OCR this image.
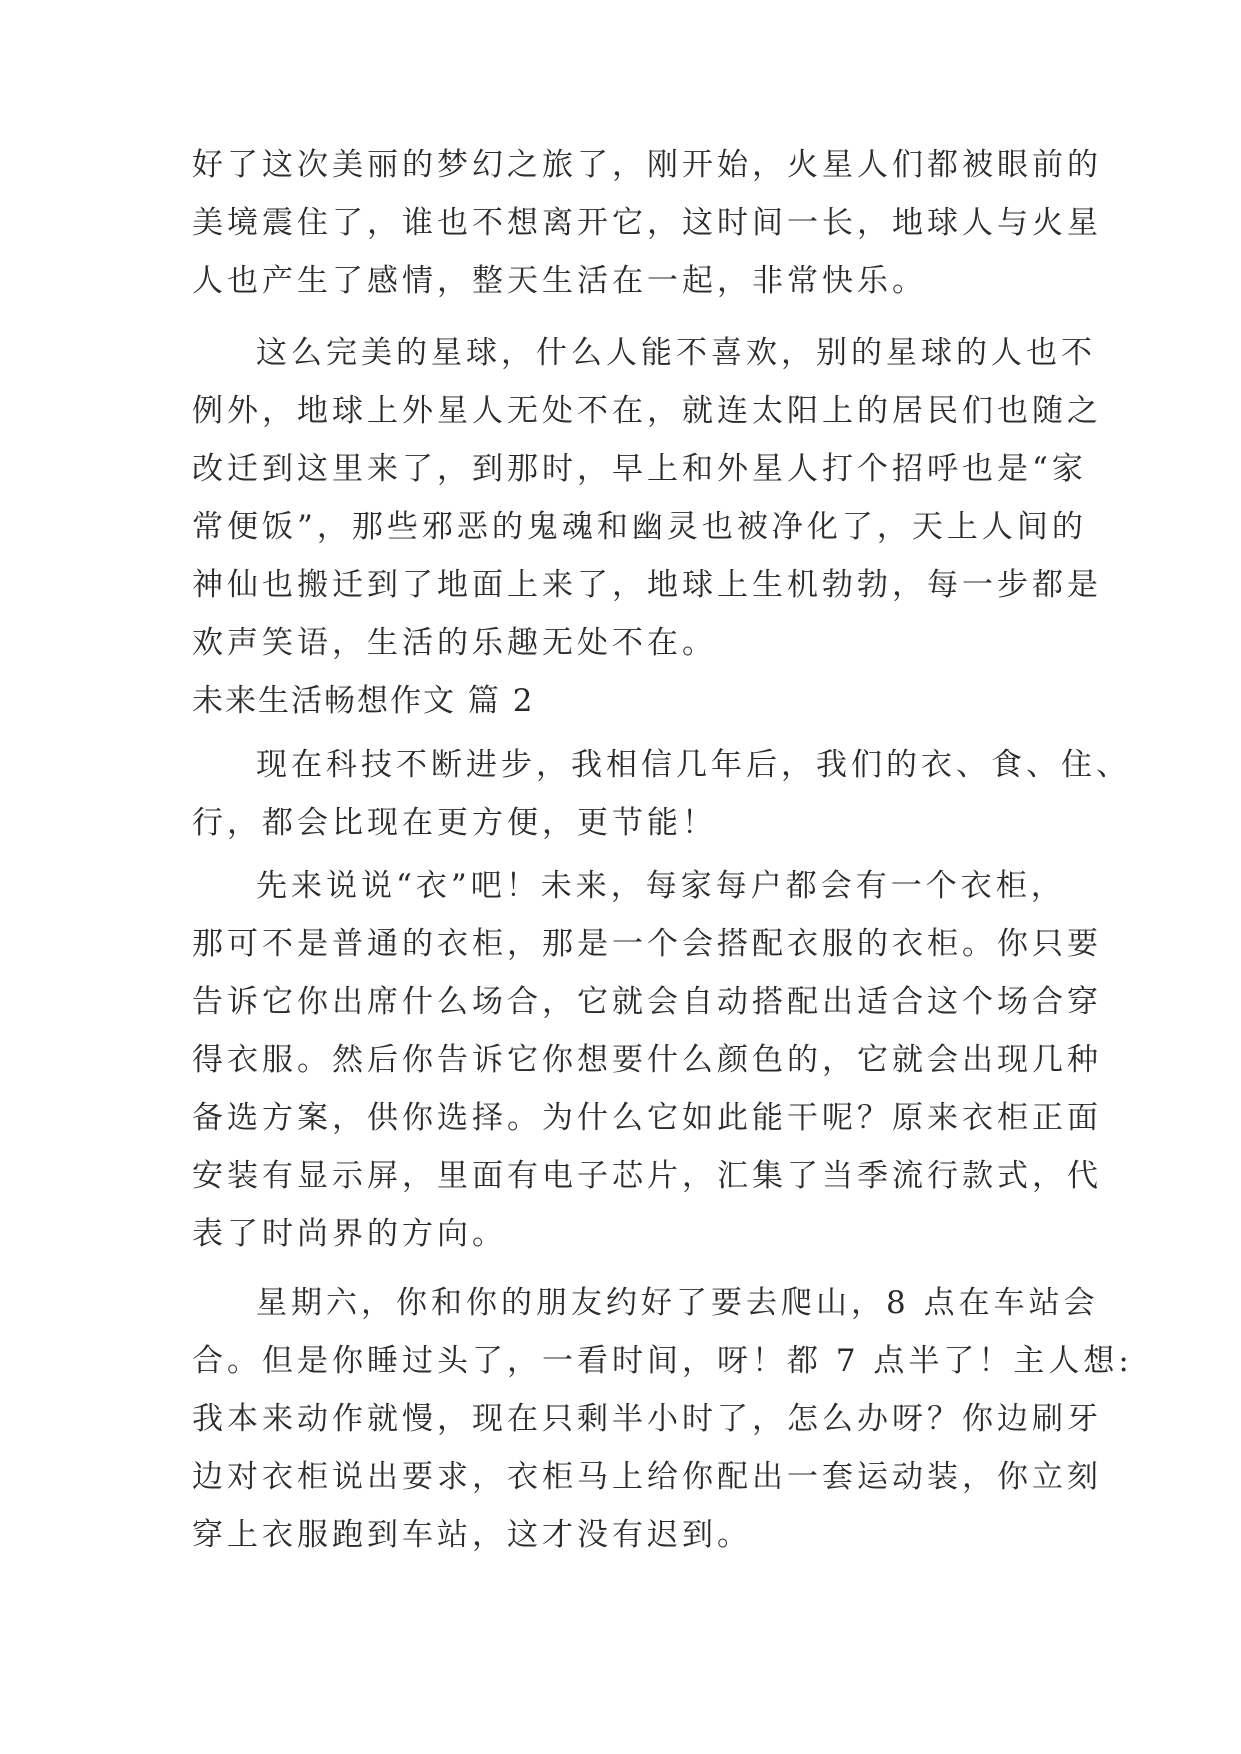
好了这次美丽的梦幻之旅了，刚开始，火星人们都被眼前的
美境震住了，谁也不想离开它，这时间一长，地球人与火星
人也产生了感情，整天生活在一起，非常快乐。
这么完美的星球，什么人能不喜欢，别的星球的人也不
例外，地球上外星人无处不在，就连太阳上的居民们也随之
改迁到这里来了，到那时，早上和外星人打个招呼也是“家
常便饭”，那些邪恶的鬼魂和幽灵也被净化了，天上人间的
神仙也搬迁到了地面上来了，地球上生机勃勃，每一步都是
欢声笑语，生活的乐趣无处不在。
未来生活畅想作文 篇 2
现在科技不断进步，我相信几年后，我们的衣、食、住、
行，都会比现在更方便，更节能！
先来说说“衣”吧！未来，每家每户都会有一个衣柜，
那可不是普通的衣柜，那是一个会搭配衣服的衣柜。你只要
告诉它你出席什么场合，它就会自动搭配出适合这个场合穿
得衣服。然后你告诉它你想要什么颜色的，它就会出现几种
备选方案，供你选择。为什么它如此能干呢？原来衣柜正面
安装有显示屏，里面有电子芯片，汇集了当季流行款式，代
表了时尚界的方向。
星期六，你和你的朋友约好了要去爬山，8 点在车站会
合。但是你睡过头了，一看时间，呀！都 7 点半了！主人想:
我本来动作就慢，现在只剩半小时了，怎么办呀？你边刷牙
边对衣柜说出要求，衣柜马上给你配出一套运动装，你立刻
穿上衣服跑到车站，这才没有迟到。
